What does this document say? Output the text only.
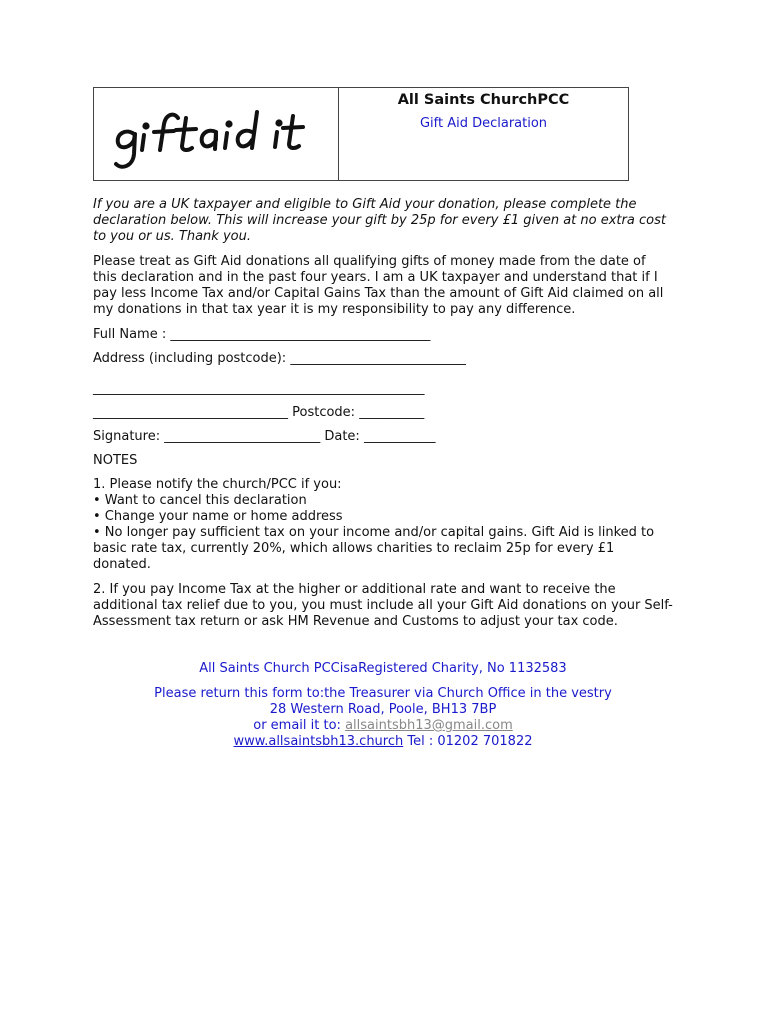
All Saints ChurchPCC
Gift Aid Declaration

If you are a UK taxpayer and eligible to Gift Aid your donation, please complete the declaration below. This will increase your gift by 25p for every £1 given at no extra cost to you or us. Thank you.

Please treat as Gift Aid donations all qualifying gifts of money made from the date of this declaration and in the past four years. I am a UK taxpayer and understand that if I pay less Income Tax and/or Capital Gains Tax than the amount of Gift Aid claimed on all my donations in that tax year it is my responsibility to pay any difference.

Full Name : ________________________________________

Address (including postcode): ___________________________

___________________________________________________

______________________________ Postcode: __________

Signature: ________________________ Date: ___________

NOTES

1. Please notify the church/PCC if you:

• Want to cancel this declaration

• Change your name or home address

• No longer pay sufficient tax on your income and/or capital gains. Gift Aid is linked to basic rate tax, currently 20%, which allows charities to reclaim 25p for every £1 donated.

2. If you pay Income Tax at the higher or additional rate and want to receive the additional tax relief due to you, you must include all your Gift Aid donations on your Self-Assessment tax return or ask HM Revenue and Customs to adjust your tax code.

All Saints Church PCCisaRegistered Charity, No 1132583

Please return this form to:the Treasurer via Church Office in the vestry

28 Western Road, Poole, BH13 7BP

or email it to: allsaintsbh13@gmail.com

www.allsaintsbh13.church Tel : 01202 701822
